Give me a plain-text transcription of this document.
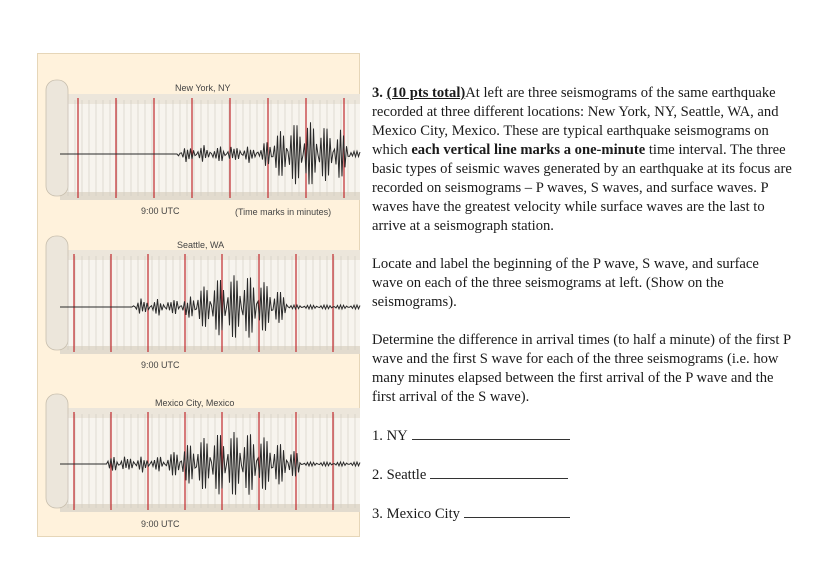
New York, NY
9:00 UTC	(Time marks in minutes)
Seattle, WA
9:00 UTC
Mexico City, Mexico
9:00 UTC

3. (10 pts total)At left are three seismograms of the same earthquake recorded at three different locations: New York, NY, Seattle, WA, and Mexico City, Mexico. These are typical earthquake seismograms on which each vertical line marks a one-minute time interval. The three basic types of seismic waves generated by an earthquake at its focus are recorded on seismograms – P waves, S waves, and surface waves. P waves have the greatest velocity while surface waves are the last to arrive at a seismograph station.

Locate and label the beginning of the P wave, S wave, and surface wave on each of the three seismograms at left. (Show on the seismograms).

Determine the difference in arrival times (to half a minute) of the first P wave and the first S wave for each of the three seismograms (i.e. how many minutes elapsed between the first arrival of the P wave and the first arrival of the S wave).

1. NY

2. Seattle

3. Mexico City
